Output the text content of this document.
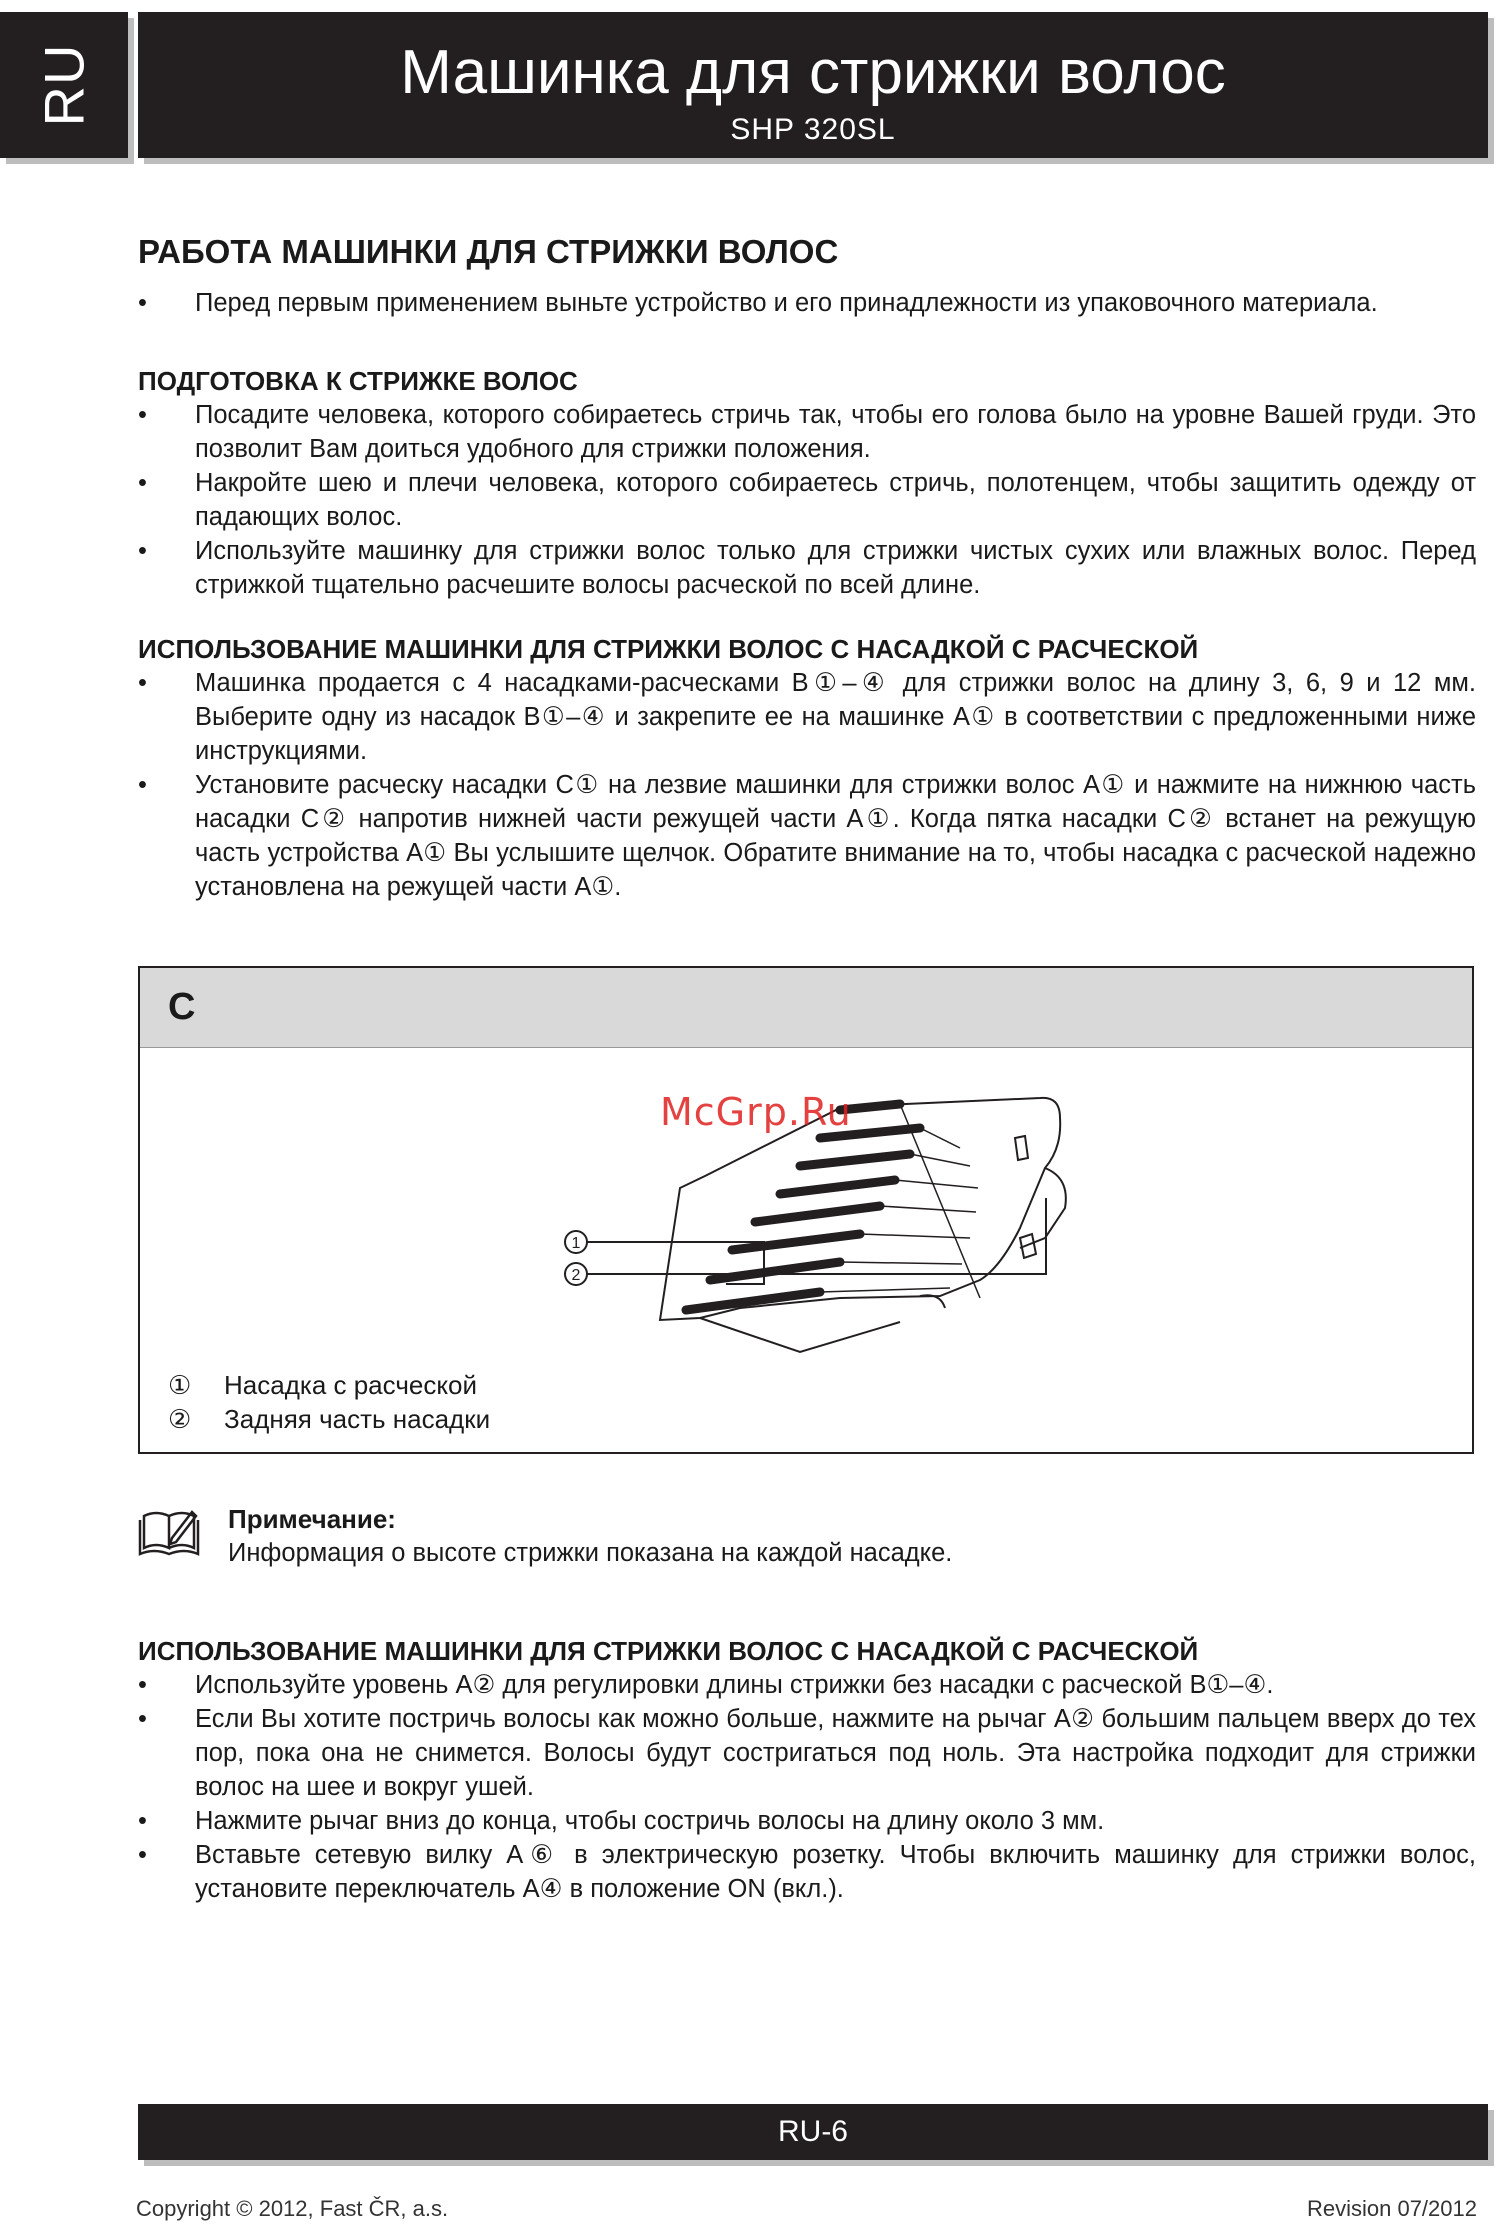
RU	Машинка для стрижки волос
SHP 320SL
РАБОТА МАШИНКИ ДЛЯ СТРИЖКИ ВОЛОС
• Перед первым применением выньте устройство и его принадлежности из упаковочного материала.
ПОДГОТОВКА К СТРИЖКЕ ВОЛОС
• Посадите человека, которого собираетесь стричь так, чтобы его голова было на уровне Вашей груди. Это позволит Вам доиться удобного для стрижки положения.
• Накройте шею и плечи человека, которого собираетесь стричь, полотенцем, чтобы защитить одежду от падающих волос.
• Используйте машинку для стрижки волос только для стрижки чистых сухих или влажных волос. Перед стрижкой тщательно расчешите волосы расческой по всей длине.
ИСПОЛЬЗОВАНИЕ МАШИНКИ ДЛЯ СТРИЖКИ ВОЛОС С НАСАДКОЙ С РАСЧЕСКОЙ
• Машинка продается с 4 насадками-расческами B①–④ для стрижки волос на длину 3, 6, 9 и 12 мм. Выберите одну из насадок B①–④ и закрепите ее на машинке A① в соответствии с предложенными ниже инструкциями.
• Установите расческу насадки C① на лезвие машинки для стрижки волос A① и нажмите на нижнюю часть насадки C② напротив нижней части режущей части A①. Когда пятка насадки C② встанет на режущую часть устройства A① Вы услышите щелчок. Обратите внимание на то, чтобы насадка с расческой надежно установлена на режущей части A①.
C
1
2
①	Насадка с расческой
②	Задняя часть насадки
McGrp.Ru
Примечание:
Информация о высоте стрижки показана на каждой насадке.
ИСПОЛЬЗОВАНИЕ МАШИНКИ ДЛЯ СТРИЖКИ ВОЛОС С НАСАДКОЙ С РАСЧЕСКОЙ
• Используйте уровень A② для регулировки длины стрижки без насадки с расческой B①–④.
• Если Вы хотите постричь волосы как можно больше, нажмите на рычаг A② большим пальцем вверх до тех пор, пока она не снимется. Волосы будут состригаться под ноль. Эта настройка подходит для стрижки волос на шее и вокруг ушей.
• Нажмите рычаг вниз до конца, чтобы состричь волосы на длину около 3 мм.
• Вставьте сетевую вилку A⑥ в электрическую розетку. Чтобы включить машинку для стрижки волос, установите переключатель A④ в положение ON (вкл.).
RU-6
Copyright © 2012, Fast ČR, a.s.	Revision 07/2012
